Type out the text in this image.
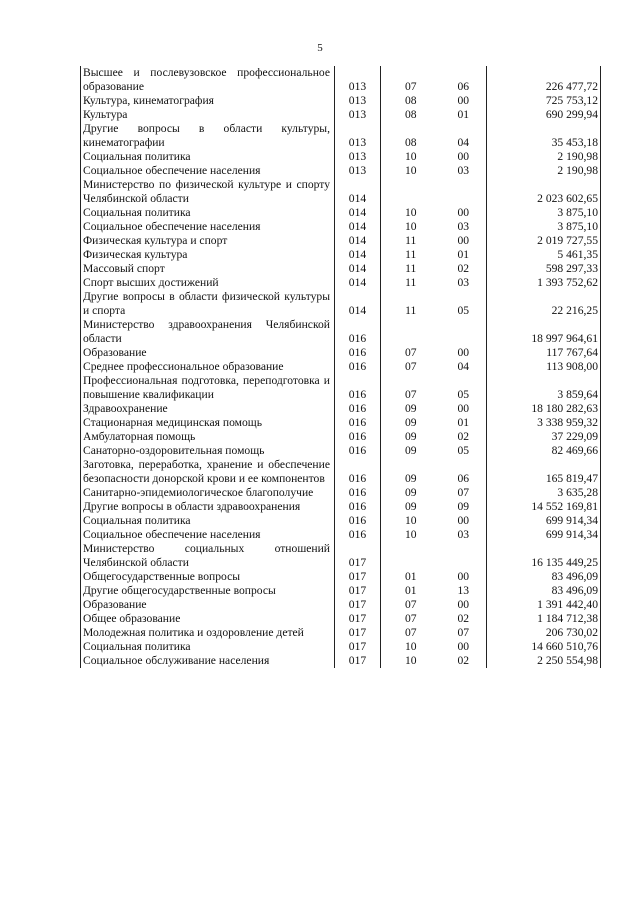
5
Высшее и послевузовское профессиональное образование	013	07	06	226 477,72
Культура, кинематография	013	08	00	725 753,12
Культура	013	08	01	690 299,94
Другие вопросы в области культуры, кинематографии	013	08	04	35 453,18
Социальная политика	013	10	00	2 190,98
Социальное обеспечение населения	013	10	03	2 190,98
Министерство по физической культуре и спорту Челябинской области	014			2 023 602,65
Социальная политика	014	10	00	3 875,10
Социальное обеспечение населения	014	10	03	3 875,10
Физическая культура и спорт	014	11	00	2 019 727,55
Физическая культура	014	11	01	5 461,35
Массовый спорт	014	11	02	598 297,33
Спорт высших достижений	014	11	03	1 393 752,62
Другие вопросы в области физической культуры и спорта	014	11	05	22 216,25
Министерство здравоохранения Челябинской области	016			18 997 964,61
Образование	016	07	00	117 767,64
Среднее профессиональное образование	016	07	04	113 908,00
Профессиональная подготовка, переподготовка и повышение квалификации	016	07	05	3 859,64
Здравоохранение	016	09	00	18 180 282,63
Стационарная медицинская помощь	016	09	01	3 338 959,32
Амбулаторная помощь	016	09	02	37 229,09
Санаторно-оздоровительная помощь	016	09	05	82 469,66
Заготовка, переработка, хранение и обеспечение безопасности донорской крови и ее компонентов	016	09	06	165 819,47
Санитарно-эпидемиологическое благополучие	016	09	07	3 635,28
Другие вопросы в области здравоохранения	016	09	09	14 552 169,81
Социальная политика	016	10	00	699 914,34
Социальное обеспечение населения	016	10	03	699 914,34
Министерство социальных отношений Челябинской области	017			16 135 449,25
Общегосударственные вопросы	017	01	00	83 496,09
Другие общегосударственные вопросы	017	01	13	83 496,09
Образование	017	07	00	1 391 442,40
Общее образование	017	07	02	1 184 712,38
Молодежная политика и оздоровление детей	017	07	07	206 730,02
Социальная политика	017	10	00	14 660 510,76
Социальное обслуживание населения	017	10	02	2 250 554,98
